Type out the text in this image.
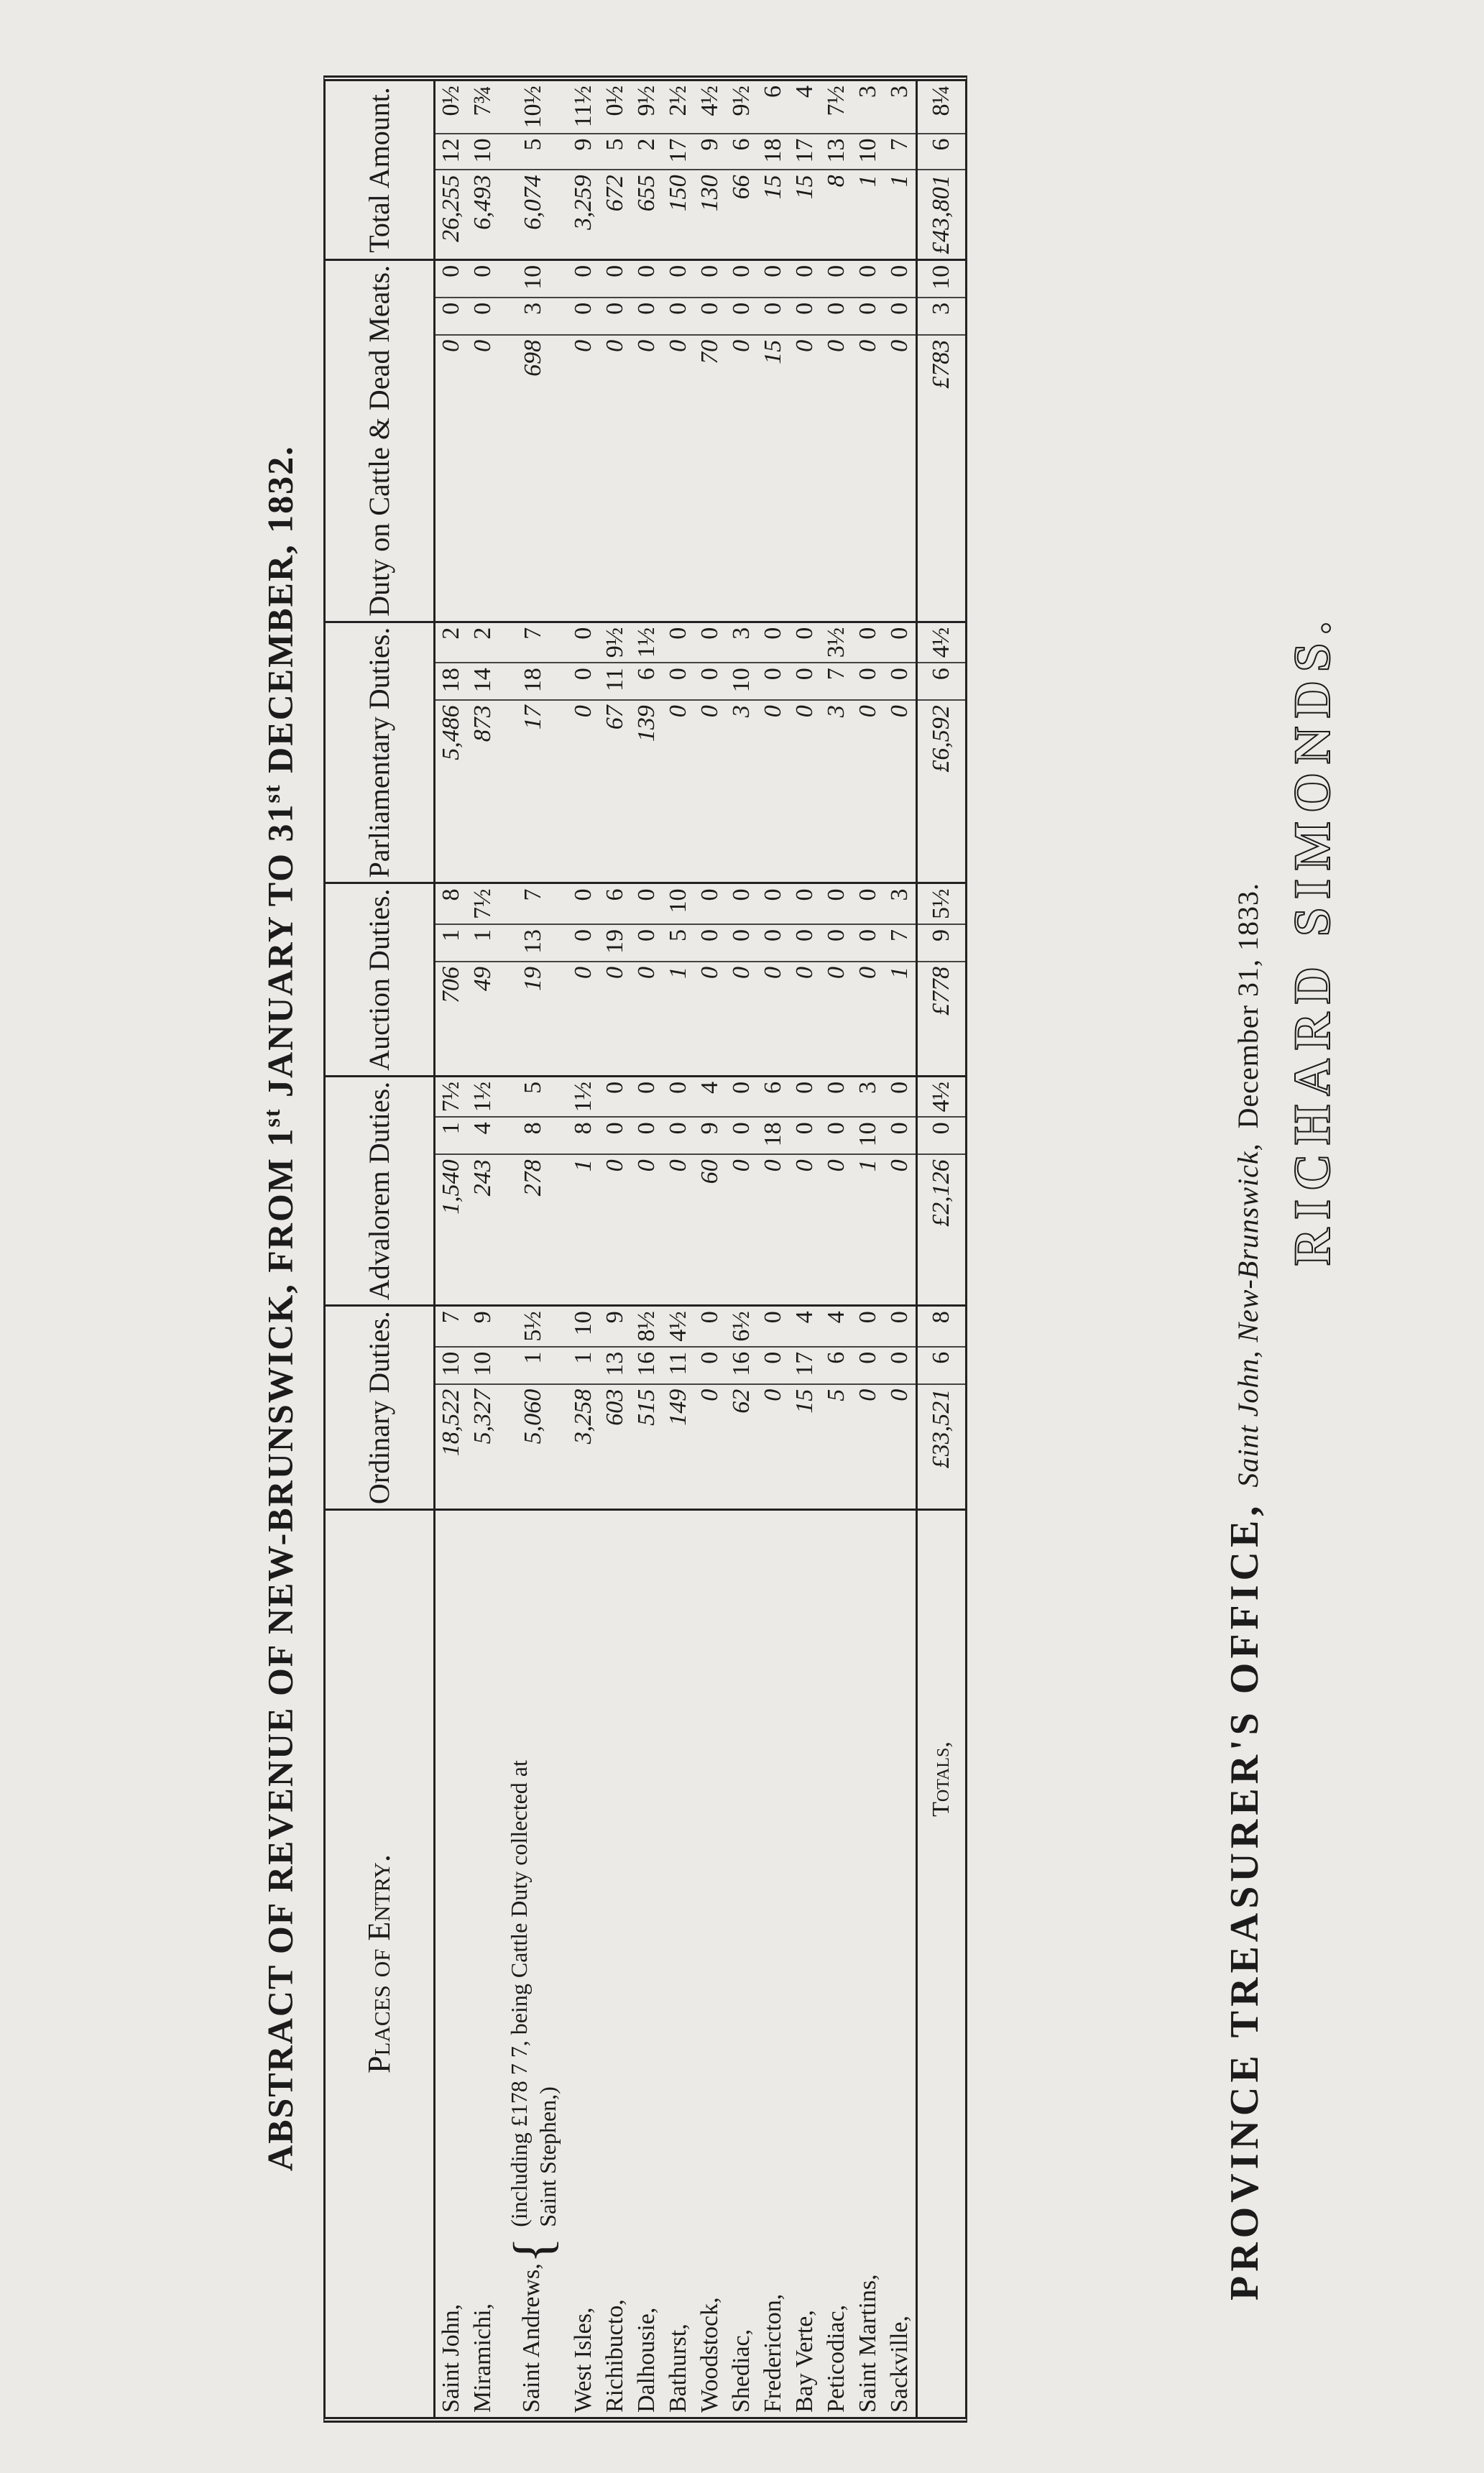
ABSTRACT OF REVENUE OF NEW-BRUNSWICK, FROM 1st JANUARY TO 31st DECEMBER, 1832.
Places of Entry.	Ordinary Duties.			Advalorem Duties.			Auction Duties.			Parliamentary Duties.			Duty on Cattle & Dead Meats.			Total Amount.		
Saint John,	18,522	10	7	1,540	1	7½	706	1	8	5,486	18	2	0	0	0	26,255	12	0½
Miramichi,	5,327	10	9	243	4	1½	49	1	7½	873	14	2	0	0	0	6,493	10	7¾
Saint Andrews,{(including £178 7 7, being Cattle Duty collected at Saint Stephen,)	5,060	1	5½	278	8	5	19	13	7	17	18	7	698	3	10	6,074	5	10½
West Isles,	3,258	1	10	1	8	1½	0	0	0	0	0	0	0	0	0	3,259	9	11½
Richibucto,	603	13	9	0	0	0	0	19	6	67	11	9½	0	0	0	672	5	0½
Dalhousie,	515	16	8½	0	0	0	0	0	0	139	6	1½	0	0	0	655	2	9½
Bathurst,	149	11	4½	0	0	0	1	5	10	0	0	0	0	0	0	150	17	2½
Woodstock,	0	0	0	60	9	4	0	0	0	0	0	0	70	0	0	130	9	4½
Shediac,	62	16	6½	0	0	0	0	0	0	3	10	3	0	0	0	66	6	9½
Fredericton,	0	0	0	0	18	6	0	0	0	0	0	0	15	0	0	15	18	6
Bay Verte,	15	17	4	0	0	0	0	0	0	0	0	0	0	0	0	15	17	4
Peticodiac,	5	6	4	0	0	0	0	0	0	3	7	3½	0	0	0	8	13	7½
Saint Martins,	0	0	0	1	10	3	0	0	0	0	0	0	0	0	0	1	10	3
Sackville,	0	0	0	0	0	0	1	7	3	0	0	0	0	0	0	1	7	3
Totals,	£33,521	6	8	£2,126	0	4½	£778	9	5½	£6,592	6	4½	£783	3	10	£43,801	6	8¼

PROVINCE TREASURER'S OFFICE, Saint John, New-Brunswick, December 31, 1833. RICHARD SIMONDS.
